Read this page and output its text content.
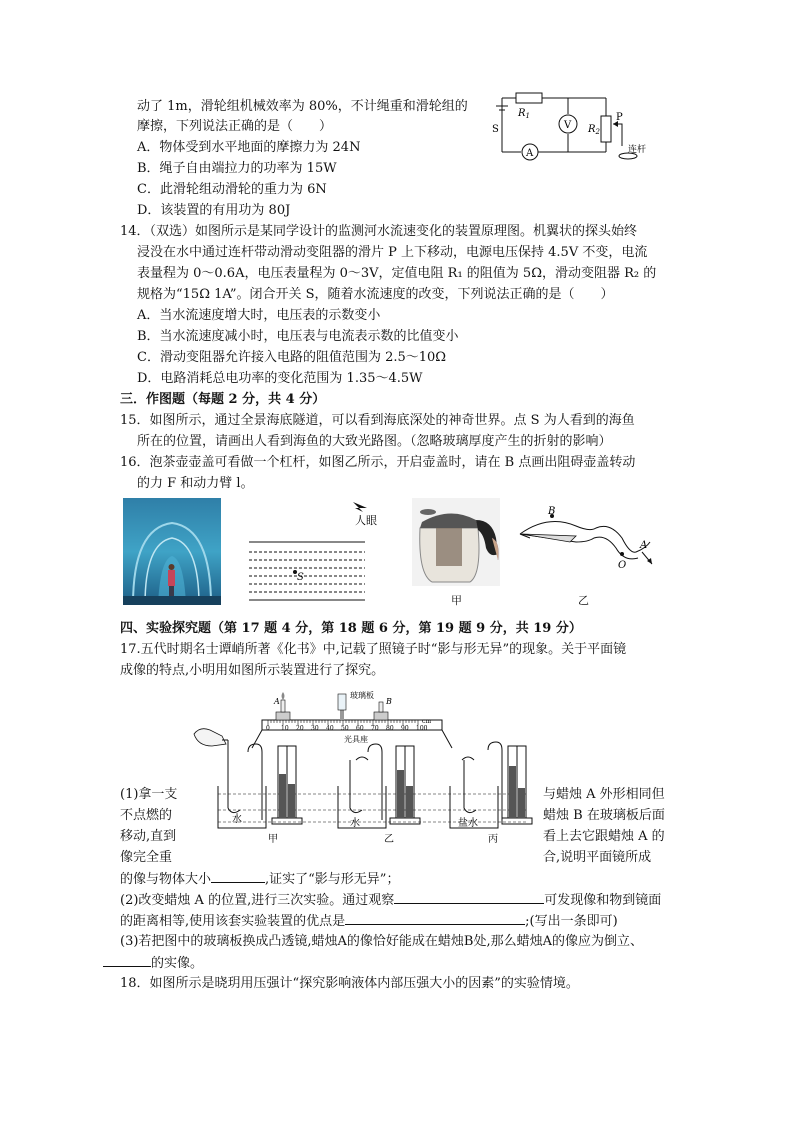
动了 1m，滑轮组机械效率为 80%，不计绳重和滑轮组的
摩擦，下列说法正确的是（　　）
A．物体受到水平地面的摩擦力为 24N
B．绳子自由端拉力的功率为 15W
C．此滑轮组动滑轮的重力为 6N
D．该装置的有用功为 80J
$R_1$
V $R_2$
A
S
P
连杆
14．（双选）如图所示是某同学设计的监测河水流速变化的装置原理图。机翼状的探头始终
浸没在水中通过连杆带动滑动变阻器的滑片 P 上下移动，电源电压保持 4.5V 不变，电流
表量程为 0～0.6A，电压表量程为 0～3V，定值电阻 R₁ 的阻值为 5Ω，滑动变阻器 R₂ 的
规格为“15Ω 1A”。闭合开关 S，随着水流速度的改变，下列说法正确的是（　　）
A．当水流速度增大时，电压表的示数变小
B．当水流速度减小时，电压表与电流表示数的比值变小
C．滑动变阻器允许接入电路的阻值范围为 2.5～10Ω
D．电路消耗总电功率的变化范围为 1.35～4.5W
三．作图题（每题 2 分，共 4 分）
15．如图所示，通过全景海底隧道，可以看到海底深处的神奇世界。点 S 为人看到的海鱼
所在的位置，请画出人看到海鱼的大致光路图。（忽略玻璃厚度产生的折射的影响）
16．泡茶壶壶盖可看做一个杠杆，如图乙所示，开启壶盖时，请在 B 点画出阻碍壶盖转动
的力 F 和动力臂 l。
S
人眼
甲
B
O
A
乙
四、实验探究题（第 17 题 4 分，第 18 题 6 分，第 19 题 9 分，共 19 分）
17.五代时期名士谭峭所著《化书》中,记载了照镜子时“影与形无异”的现象。关于平面镜
成像的特点,小明用如图所示装置进行了探究。
A	B
玻璃板
光具座
cm
0 10 20 30 40 50 60 70 80 90 100
(1)拿一支
不点燃的
移动,直到
像完全重
与蜡烛 A 外形相同但
蜡烛 B 在玻璃板后面
看上去它跟蜡烛 A 的
合,说明平面镜所成
水	水	盐水
甲	乙	丙
的像与物体大小	,证实了“影与形无异”；
(2)改变蜡烛 A 的位置,进行三次实验。通过观察	可发现像和物到镜面
的距离相等,使用该套实验装置的优点是	;(写出一条即可)
(3)若把图中的玻璃板换成凸透镜,蜡烛A的像恰好能成在蜡烛B处,那么蜡烛A的像应为倒立、
的实像。
18．如图所示是晓玥用压强计“探究影响液体内部压强大小的因素”的实验情境。
